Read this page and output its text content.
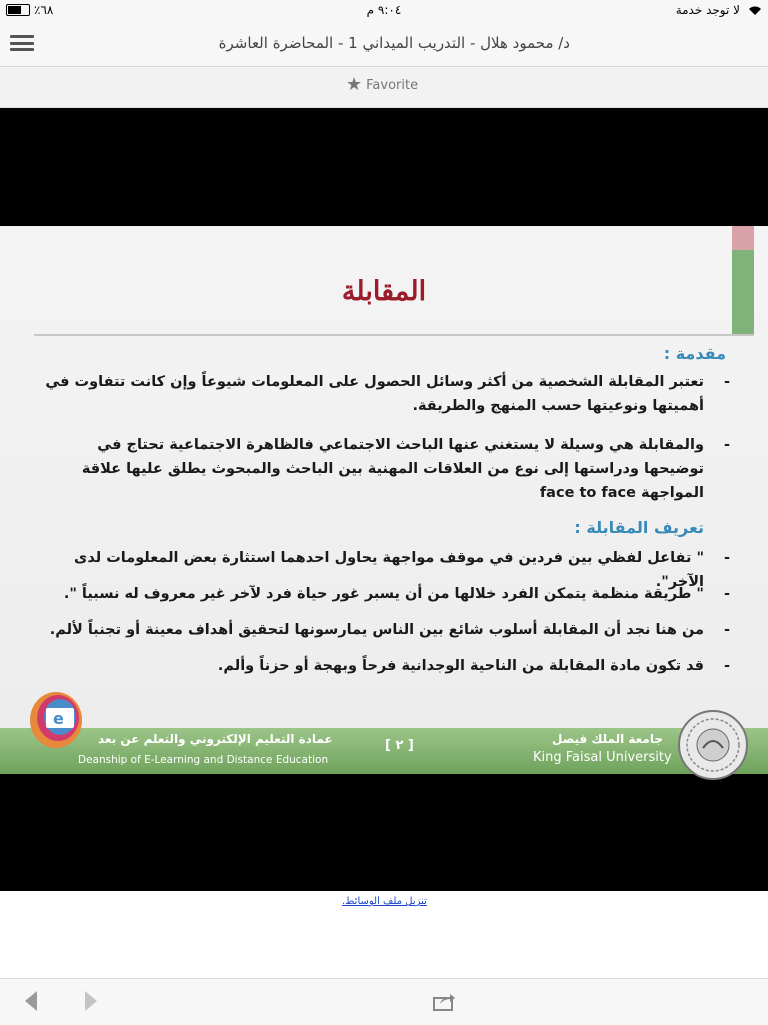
لا توجد خدمة
٩:٠٤ م
٦٨٪
د/ محمود هلال - التدريب الميداني 1 - المحاضرة العاشرة
★ Favorite
المقابلة
مقدمة :
-
تعتبر المقابلة الشخصية من أكثر وسائل الحصول على المعلومات شيوعاً وإن كانت تتفاوت في أهميتها ونوعيتها حسب المنهج والطريقة.
-
والمقابلة هي وسيلة لا يستغني عنها الباحث الاجتماعي فالظاهرة الاجتماعية تحتاج في توضيحها ودراستها إلى نوع من العلاقات المهنية بين الباحث والمبحوث يطلق عليها علاقة المواجهة face to face
تعريف المقابلة :
-
" تفاعل لفظي بين فردين في موقف مواجهة يحاول احدهما استثارة بعض المعلومات لدى الآخر".
-
" طريقة منظمة يتمكن الفرد خلالها من أن يسبر غور حياة فرد لآخر غير معروف له نسبياً ".
-
من هنا نجد أن المقابلة أسلوب شائع بين الناس يمارسونها لتحقيق أهداف معينة أو تجنباً لألم.
-
قد تكون مادة المقابلة من الناحية الوجدانية فرحاً وبهجة أو حزناً وألم.
عمادة التعليم الإلكتروني والتعلم عن بعد
Deanship of E-Learning and Distance Education
[ ٢ ]	جامعة الملك فيصل
King Faisal University
e
تنزيل ملف الوسائط.
